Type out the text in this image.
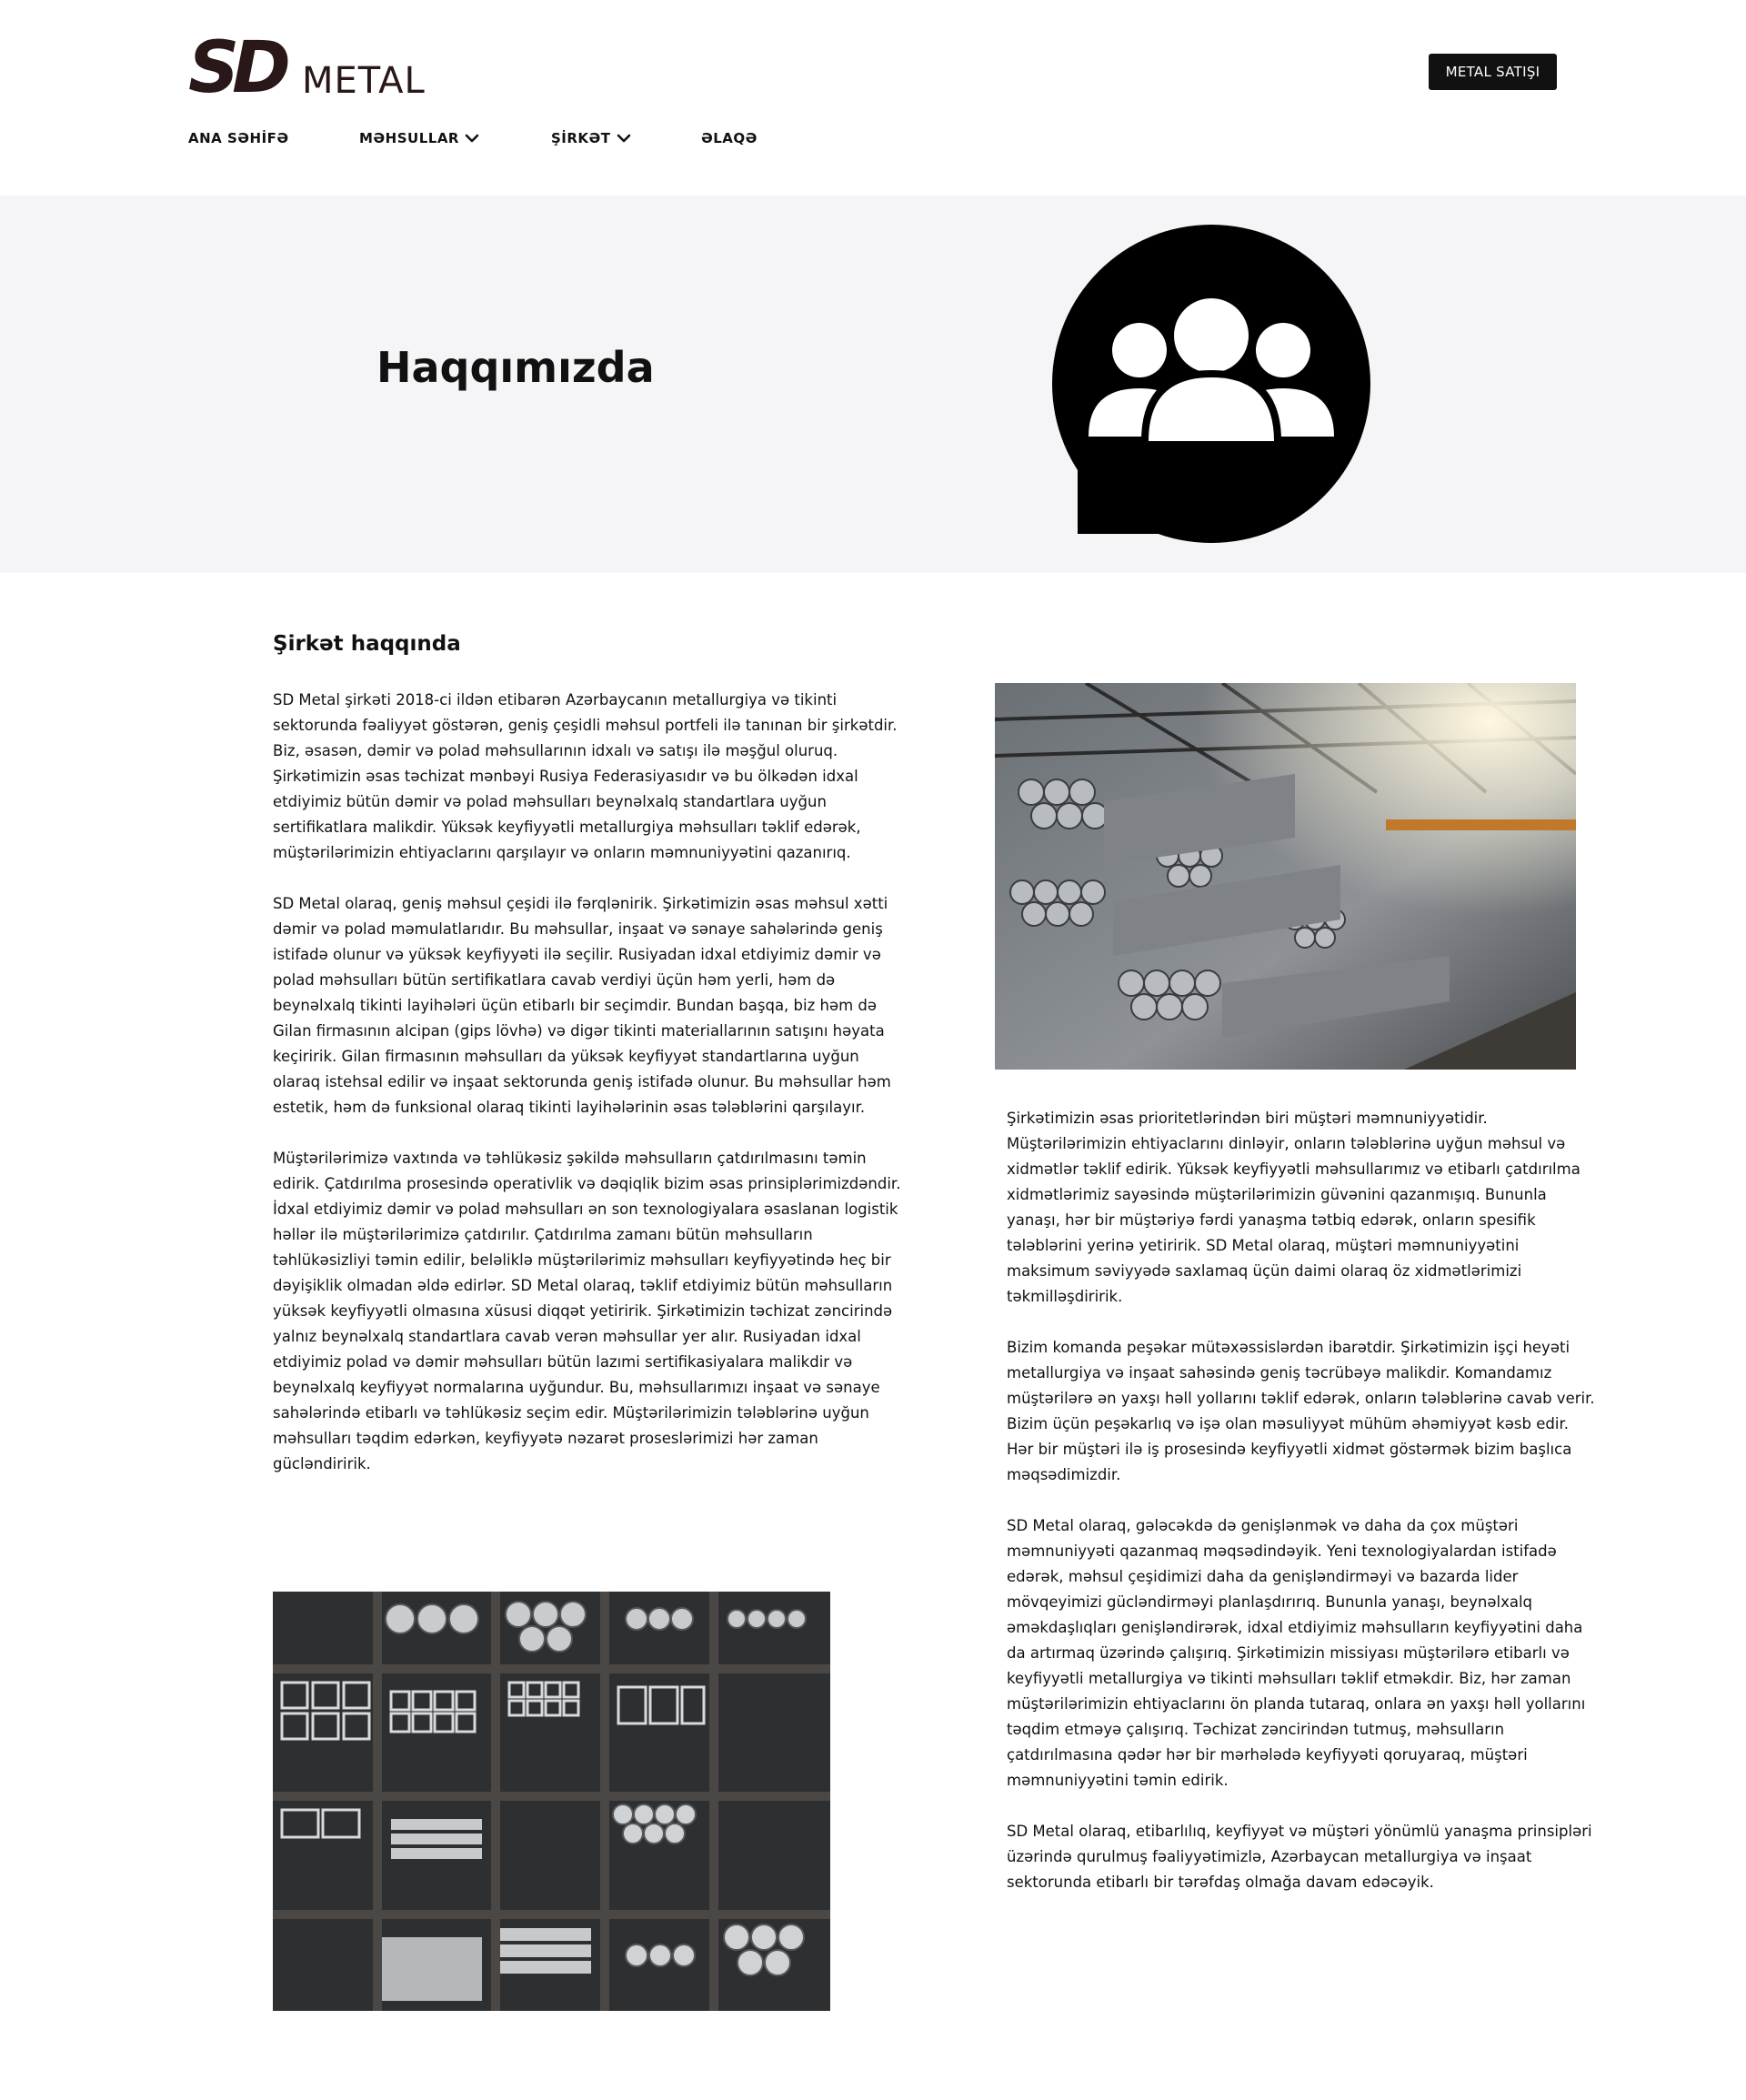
SD METAL	METAL SATIŞI
ANA SƏHİFƏ	MƏHSULLAR	ŞİRKƏT	ƏLAQƏ
Haqqımızda
Şirkət haqqında

SD Metal şirkəti 2018-ci ildən etibarən Azərbaycanın metallurgiya və tikinti sektorunda fəaliyyət göstərən, geniş çeşidli məhsul portfeli ilə tanınan bir şirkətdir. Biz, əsasən, dəmir və polad məhsullarının idxalı və satışı ilə məşğul oluruq. Şirkətimizin əsas təchizat mənbəyi Rusiya Federasiyasıdır və bu ölkədən idxal etdiyimiz bütün dəmir və polad məhsulları beynəlxalq standartlara uyğun sertifikatlara malikdir. Yüksək keyfiyyətli metallurgiya məhsulları təklif edərək, müştərilərimizin ehtiyaclarını qarşılayır və onların məmnuniyyətini qazanırıq.

SD Metal olaraq, geniş məhsul çeşidi ilə fərqlənirik. Şirkətimizin əsas məhsul xətti dəmir və polad məmulatlarıdır. Bu məhsullar, inşaat və sənaye sahələrində geniş istifadə olunur və yüksək keyfiyyəti ilə seçilir. Rusiyadan idxal etdiyimiz dəmir və polad məhsulları bütün sertifikatlara cavab verdiyi üçün həm yerli, həm də beynəlxalq tikinti layihələri üçün etibarlı bir seçimdir. Bundan başqa, biz həm də Gilan firmasının alcipan (gips lövhə) və digər tikinti materiallarının satışını həyata keçiririk. Gilan firmasının məhsulları da yüksək keyfiyyət standartlarına uyğun olaraq istehsal edilir və inşaat sektorunda geniş istifadə olunur. Bu məhsullar həm estetik, həm də funksional olaraq tikinti layihələrinin əsas tələblərini qarşılayır.

Müştərilərimizə vaxtında və təhlükəsiz şəkildə məhsulların çatdırılmasını təmin edirik. Çatdırılma prosesində operativlik və dəqiqlik bizim əsas prinsiplərimizdəndir. İdxal etdiyimiz dəmir və polad məhsulları ən son texnologiyalara əsaslanan logistik həllər ilə müştərilərimizə çatdırılır. Çatdırılma zamanı bütün məhsulların təhlükəsizliyi təmin edilir, beləliklə müştərilərimiz məhsulları keyfiyyətində heç bir dəyişiklik olmadan əldə edirlər. SD Metal olaraq, təklif etdiyimiz bütün məhsulların yüksək keyfiyyətli olmasına xüsusi diqqət yetiririk. Şirkətimizin təchizat zəncirində yalnız beynəlxalq standartlara cavab verən məhsullar yer alır. Rusiyadan idxal etdiyimiz polad və dəmir məhsulları bütün lazımi sertifikasiyalara malikdir və beynəlxalq keyfiyyət normalarına uyğundur. Bu, məhsullarımızı inşaat və sənaye sahələrində etibarlı və təhlükəsiz seçim edir. Müştərilərimizin tələblərinə uyğun məhsulları təqdim edərkən, keyfiyyətə nəzarət proseslərimizi hər zaman gücləndiririk.

Şirkətimizin əsas prioritetlərindən biri müştəri məmnuniyyətidir. Müştərilərimizin ehtiyaclarını dinləyir, onların tələblərinə uyğun məhsul və xidmətlər təklif edirik. Yüksək keyfiyyətli məhsullarımız və etibarlı çatdırılma xidmətlərimiz sayəsində müştərilərimizin güvənini qazanmışıq. Bununla yanaşı, hər bir müştəriyə fərdi yanaşma tətbiq edərək, onların spesifik tələblərini yerinə yetiririk. SD Metal olaraq, müştəri məmnuniyyətini maksimum səviyyədə saxlamaq üçün daimi olaraq öz xidmətlərimizi təkmilləşdiririk.

Bizim komanda peşəkar mütəxəssislərdən ibarətdir. Şirkətimizin işçi heyəti metallurgiya və inşaat sahəsində geniş təcrübəyə malikdir. Komandamız müştərilərə ən yaxşı həll yollarını təklif edərək, onların tələblərinə cavab verir. Bizim üçün peşəkarlıq və işə olan məsuliyyət mühüm əhəmiyyət kəsb edir. Hər bir müştəri ilə iş prosesində keyfiyyətli xidmət göstərmək bizim başlıca məqsədimizdir.

SD Metal olaraq, gələcəkdə də genişlənmək və daha da çox müştəri məmnuniyyəti qazanmaq məqsədindəyik. Yeni texnologiyalardan istifadə edərək, məhsul çeşidimizi daha da genişləndirməyi və bazarda lider mövqeyimizi gücləndirməyi planlaşdırırıq. Bununla yanaşı, beynəlxalq əməkdaşlıqları genişləndirərək, idxal etdiyimiz məhsulların keyfiyyətini daha da artırmaq üzərində çalışırıq. Şirkətimizin missiyası müştərilərə etibarlı və keyfiyyətli metallurgiya və tikinti məhsulları təklif etməkdir. Biz, hər zaman müştərilərimizin ehtiyaclarını ön planda tutaraq, onlara ən yaxşı həll yollarını təqdim etməyə çalışırıq. Təchizat zəncirindən tutmuş, məhsulların çatdırılmasına qədər hər bir mərhələdə keyfiyyəti qoruyaraq, müştəri məmnuniyyətini təmin edirik.

SD Metal olaraq, etibarlılıq, keyfiyyət və müştəri yönümlü yanaşma prinsipləri üzərində qurulmuş fəaliyyətimizlə, Azərbaycan metallurgiya və inşaat sektorunda etibarlı bir tərəfdaş olmağa davam edəcəyik.
